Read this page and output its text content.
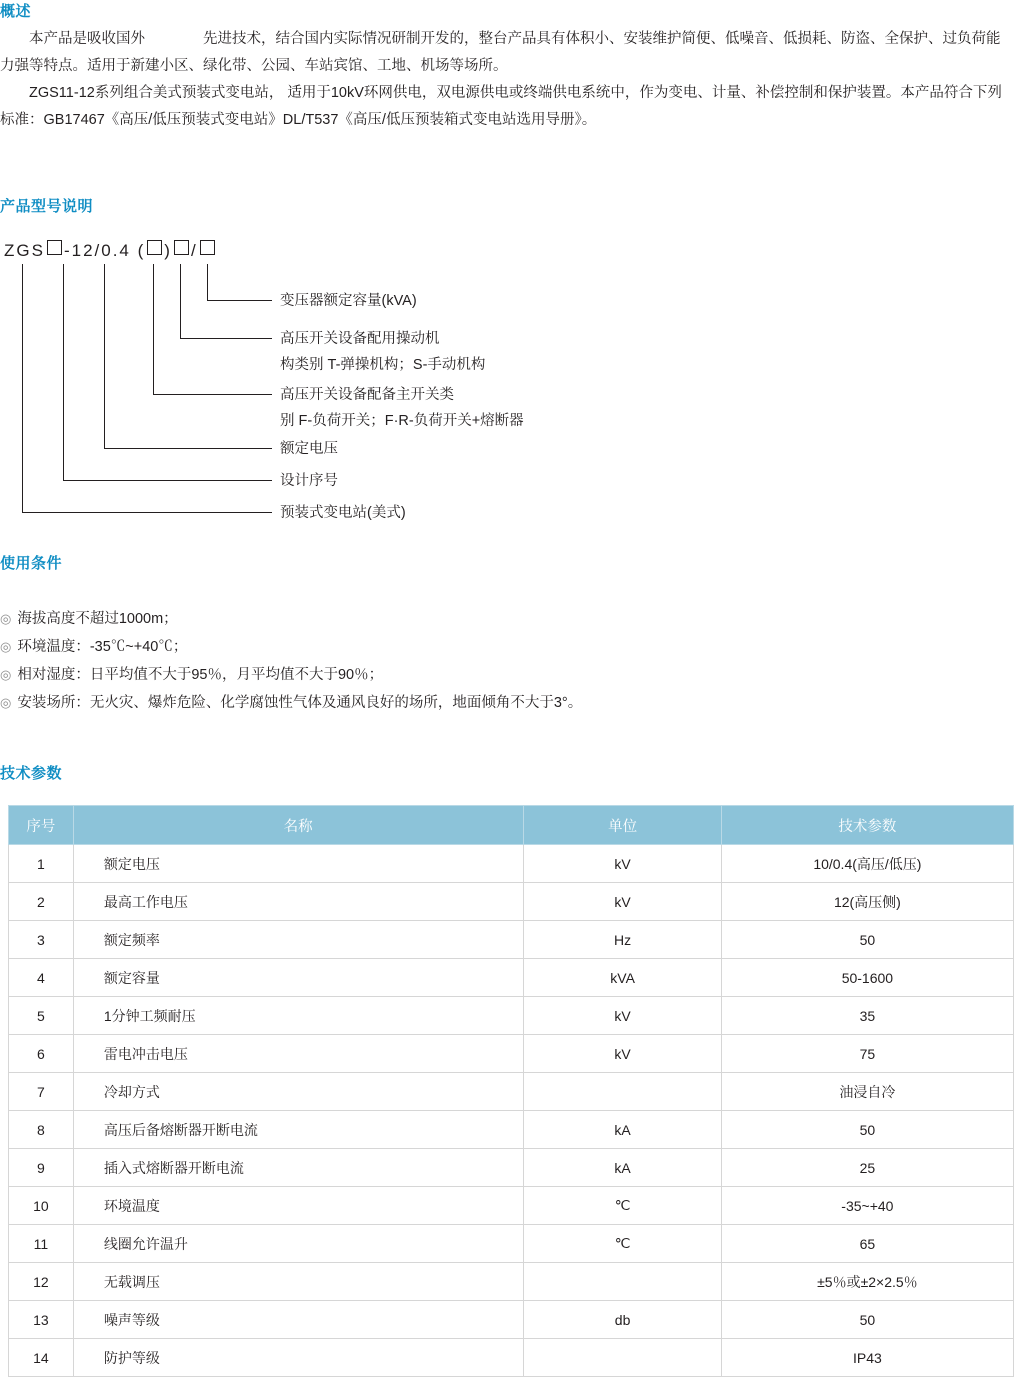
概述

本产品是吸收国外	先进技术，结合国内实际情况研制开发的，整台产品具有体积小、安装维护简便、低噪音、低损耗、防盗、全保护、过负荷能力强等特点。适用于新建小区、绿化带、公园、车站宾馆、工地、机场等场所。

ZGS11-12系列组合美式预装式变电站， 适用于10kV环网供电，双电源供电或终端供电系统中，作为变电、计量、补偿控制和保护装置。本产品符合下列标准：GB17467《高压/低压预装式变电站》DL/T537《高压/低压预装箱式变电站选用导册》。

产品型号说明
ZGS -12/0.4 ( ) /
变压器额定容量(kVA)
高压开关设备配用操动机
构类别 T-弹操机构；S-手动机构
高压开关设备配备主开关类
别 F-负荷开关；F·R-负荷开关+熔断器
额定电压
设计序号
预装式变电站(美式)
使用条件
◎ 海拔高度不超过1000m；
◎ 环境温度：-35℃~+40℃；
◎ 相对湿度：日平均值不大于95％，月平均值不大于90％；
◎ 安装场所：无火灾、爆炸危险、化学腐蚀性气体及通风良好的场所，地面倾角不大于3°。
技术参数
序号	名称	单位	技术参数
1	额定电压	kV	10/0.4(高压/低压)
2	最高工作电压	kV	12(高压侧)
3	额定频率	Hz	50
4	额定容量	kVA	50-1600
5	1分钟工频耐压	kV	35
6	雷电冲击电压	kV	75
7	冷却方式		油浸自冷
8	高压后备熔断器开断电流	kA	50
9	插入式熔断器开断电流	kA	25
10	环境温度	℃	-35~+40
11	线圈允许温升	℃	65
12	无载调压		±5％或±2×2.5％
13	噪声等级	db	50
14	防护等级		IP43
